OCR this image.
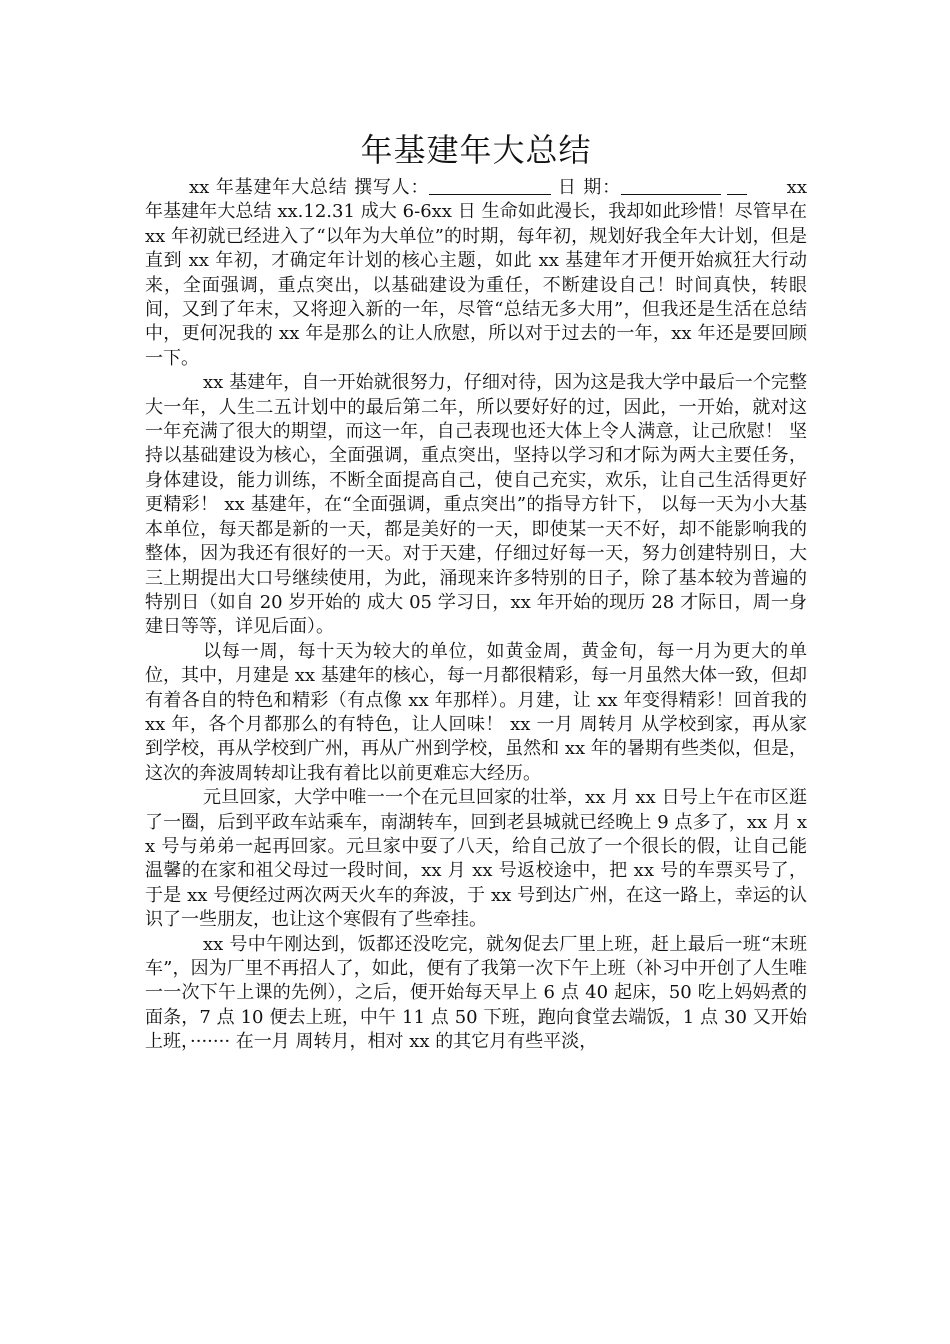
年基建年大总结

xx 年基建年大总结 撰写人：	日 期：	xx 年基建年大总结 xx.12.31 成大 6-6xx 日 生命如此漫长，我却如此珍惜！尽管早在 xx 年初就已经进入了“以年为大单位”的时期，每年初，规划好我全年大计划，但是直到 xx 年初，才确定年计划的核心主题，如此 xx 基建年才开便开始疯狂大行动来，全面强调，重点突出，以基础建设为重任，不断建设自己！时间真快，转眼间，又到了年末，又将迎入新的一年，尽管“总结无多大用”，但我还是生活在总结中，更何况我的 xx 年是那么的让人欣慰，所以对于过去的一年，xx 年还是要回顾一下。

xx 基建年，自一开始就很努力，仔细对待，因为这是我大学中最后一个完整大一年，人生二五计划中的最后第二年，所以要好好的过，因此，一开始，就对这一年充满了很大的期望，而这一年，自己表现也还大体上令人满意，让己欣慰！ 坚持以基础建设为核心，全面强调，重点突出，坚持以学习和才际为两大主要任务，身体建设，能力训练，不断全面提高自己，使自己充实，欢乐，让自己生活得更好更精彩！ xx 基建年，在“全面强调，重点突出”的指导方针下， 以每一天为小大基本单位，每天都是新的一天，都是美好的一天，即使某一天不好，却不能影响我的整体，因为我还有很好的一天。对于天建，仔细过好每一天，努力创建特别日，大三上期提出大口号继续使用，为此，涌现来许多特别的日子，除了基本较为普遍的特别日（如自 20 岁开始的 成大 05 学习日，xx 年开始的现历 28 才际日，周一身建日等等，详见后面）。

以每一周，每十天为较大的单位，如黄金周，黄金旬，每一月为更大的单位，其中，月建是 xx 基建年的核心，每一月都很精彩，每一月虽然大体一致，但却有着各自的特色和精彩（有点像 xx 年那样）。月建，让 xx 年变得精彩！回首我的 xx 年，各个月都那么的有特色，让人回味！ xx 一月 周转月 从学校到家，再从家到学校，再从学校到广州，再从广州到学校，虽然和 xx 年的暑期有些类似，但是，这次的奔波周转却让我有着比以前更难忘大经历。

元旦回家，大学中唯一一个在元旦回家的壮举，xx 月 xx 日号上午在市区逛了一圈，后到平政车站乘车，南湖转车，回到老县城就已经晚上 9 点多了，xx 月 xx 号与弟弟一起再回家。元旦家中耍了八天，给自己放了一个很长的假，让自己能温馨的在家和祖父母过一段时间，xx 月 xx 号返校途中，把 xx 号的车票买号了，于是 xx 号便经过两次两天火车的奔波，于 xx 号到达广州，在这一路上，幸运的认识了一些朋友，也让这个寒假有了些牵挂。

xx 号中午刚达到，饭都还没吃完，就匆促去厂里上班，赶上最后一班“末班车”，因为厂里不再招人了，如此，便有了我第一次下午上班（补习中开创了人生唯一一次下午上课的先例），之后，便开始每天早上 6 点 40 起床，50 吃上妈妈煮的面条，7 点 10 便去上班，中午 11 点 50 下班，跑向食堂去端饭，1 点 30 又开始上班，······· 在一月 周转月，相对 xx 的其它月有些平淡，
